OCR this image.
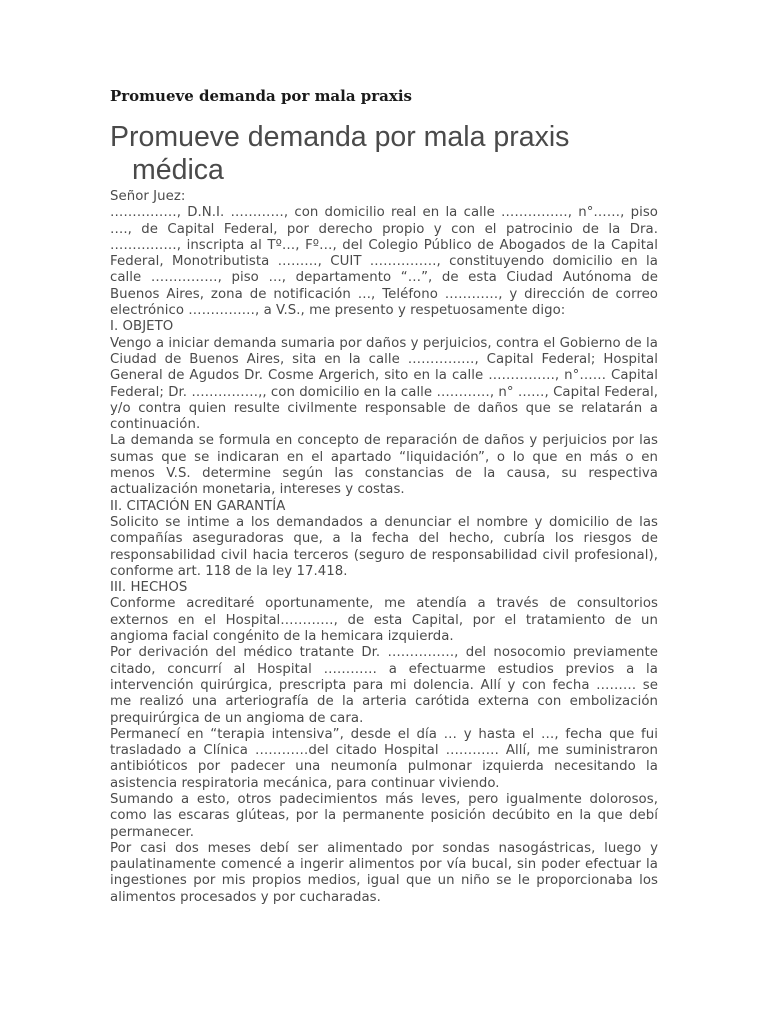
Promueve demanda por mala praxis
Promueve demanda por mala praxis médica

Señor Juez:

……………, D.N.I. …………, con domicilio real en la calle ……………, n°……, piso …., de Capital Federal, por derecho propio y con el patrocinio de la Dra. ……………, inscripta al Tº…, Fº…, del Colegio Público de Abogados de la Capital Federal, Monotributista ………, CUIT ……………, constituyendo domicilio en la calle ……………, piso …, departamento “…”, de esta Ciudad Autónoma de Buenos Aires, zona de notificación …, Teléfono …………, y dirección de correo electrónico ……………, a V.S., me presento y respetuosamente digo:

I. OBJETO

Vengo a iniciar demanda sumaria por daños y perjuicios, contra el Gobierno de la Ciudad de Buenos Aires, sita en la calle ……………, Capital Federal; Hospital General de Agudos Dr. Cosme Argerich, sito en la calle ……………, n°…… Capital Federal; Dr. ……………,, con domicilio en la calle …………, n° ……, Capital Federal, y/o contra quien resulte civilmente responsable de daños que se relatarán a continuación.

La demanda se formula en concepto de reparación de daños y perjuicios por las sumas que se indicaran en el apartado “liquidación”, o lo que en más o en menos V.S. determine según las constancias de la causa, su respectiva actualización monetaria, intereses y costas.

II. CITACIÓN EN GARANTÍA

Solicito se intime a los demandados a denunciar el nombre y domicilio de las compañías aseguradoras que, a la fecha del hecho, cubría los riesgos de responsabilidad civil hacia terceros (seguro de responsabilidad civil profesional), conforme art. 118 de la ley 17.418.

III. HECHOS

Conforme acreditaré oportunamente, me atendía a través de consultorios externos en el Hospital…………, de esta Capital, por el tratamiento de un angioma facial congénito de la hemicara izquierda.

Por derivación del médico tratante Dr. ……………, del nosocomio previamente citado, concurrí al Hospital ………… a efectuarme estudios previos a la intervención quirúrgica, prescripta para mi dolencia. Allí y con fecha ……… se me realizó una arteriografía de la arteria carótida externa con embolización prequirúrgica de un angioma de cara.

Permanecí en “terapia intensiva”, desde el día … y hasta el …, fecha que fui trasladado a Clínica …………del citado Hospital ………… Allí, me suministraron antibióticos por padecer una neumonía pulmonar izquierda necesitando la asistencia respiratoria mecánica, para continuar viviendo.

Sumando a esto, otros padecimientos más leves, pero igualmente dolorosos, como las escaras glúteas, por la permanente posición decúbito en la que debí permanecer.

Por casi dos meses debí ser alimentado por sondas nasogástricas, luego y paulatinamente comencé a ingerir alimentos por vía bucal, sin poder efectuar la ingestiones por mis propios medios, igual que un niño se le proporcionaba los alimentos procesados y por cucharadas.
